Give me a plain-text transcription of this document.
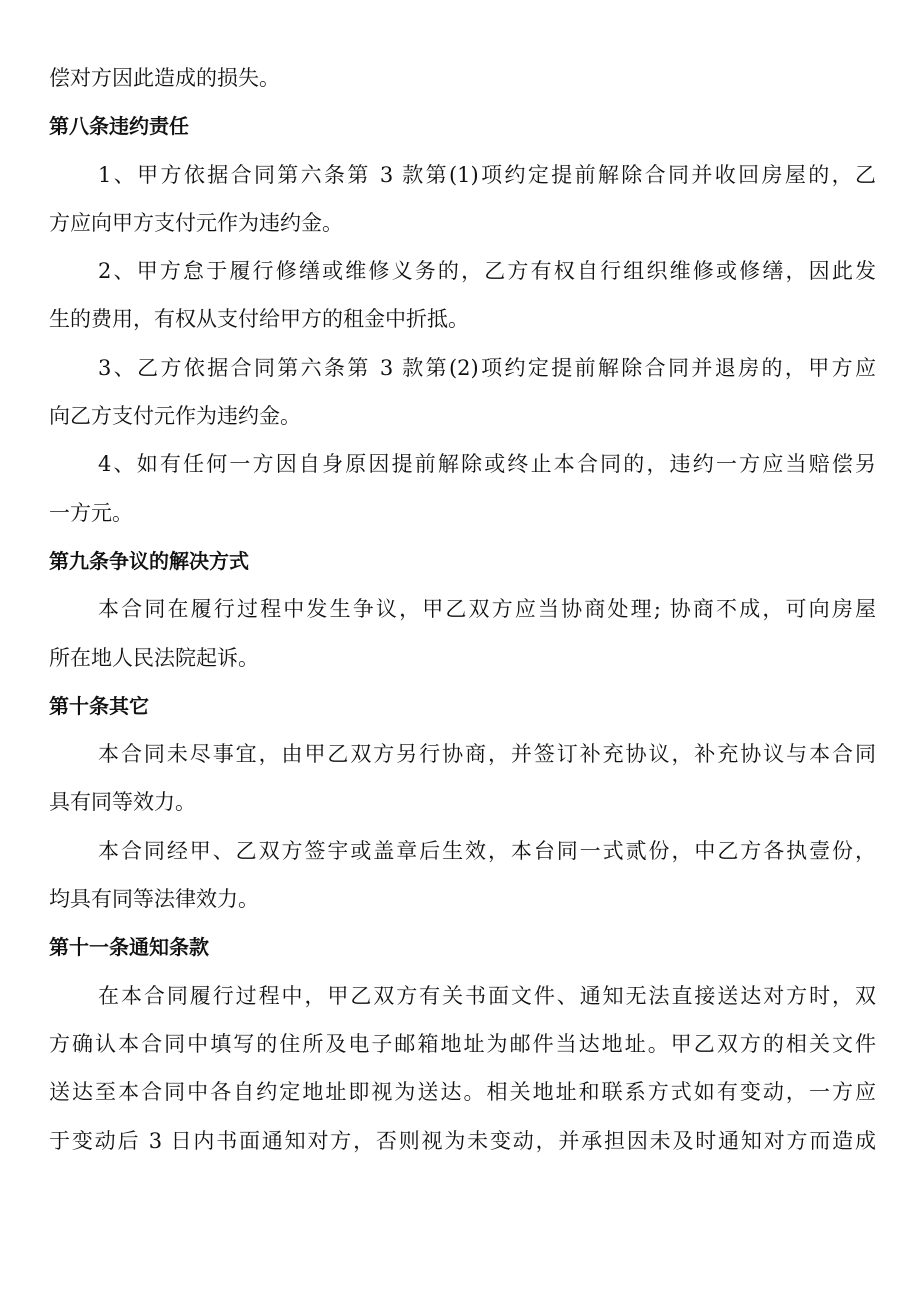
偿对方因此造成的损失。
第八条违约责任
1、甲方依据合同第六条第 3 款第(1)项约定提前解除合同并收回房屋的，乙
方应向甲方支付元作为违约金。
2、甲方怠于履行修缮或维修义务的，乙方有权自行组织维修或修缮，因此发
生的费用，有权从支付给甲方的租金中折抵。
3、乙方依据合同第六条第 3 款第(2)项约定提前解除合同并退房的，甲方应
向乙方支付元作为违约金。
4、如有任何一方因自身原因提前解除或终止本合同的，违约一方应当赔偿另
一方元。
第九条争议的解决方式
本合同在履行过程中发生争议，甲乙双方应当协商处理; 协商不成，可向房屋
所在地人民法院起诉。
第十条其它
本合同未尽事宜，由甲乙双方另行协商，并签订补充协议，补充协议与本合同
具有同等效力。
本合同经甲、乙双方签宇或盖章后生效，本台同一式贰份，中乙方各执壹份，
均具有同等法律效力。
第十一条通知条款
在本合同履行过程中，甲乙双方有关书面文件、通知无法直接送达对方时，双
方确认本合同中填写的住所及电子邮箱地址为邮件当达地址。甲乙双方的相关文件
送达至本合同中各自约定地址即视为送达。相关地址和联系方式如有变动，一方应
于变动后 3 日内书面通知对方，否则视为未变动，并承担因未及时通知对方而造成
